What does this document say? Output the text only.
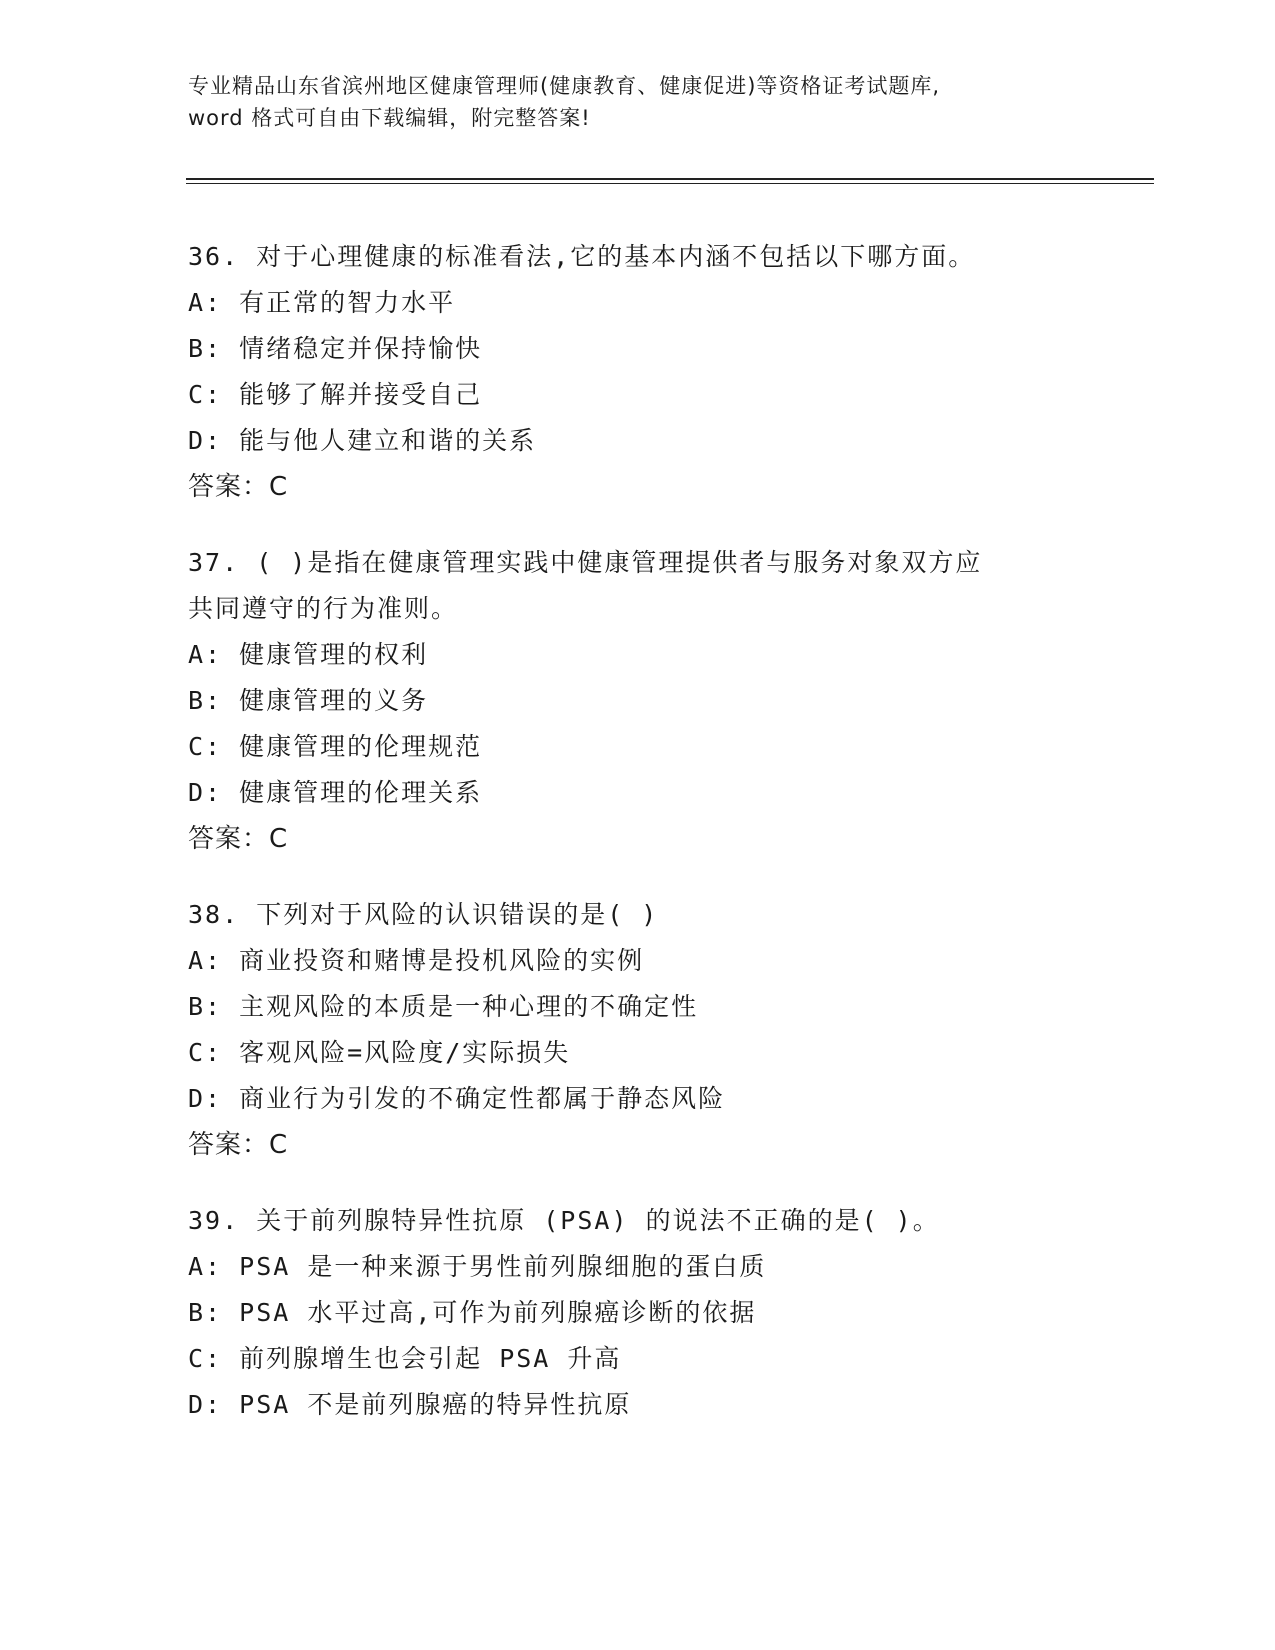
专业精品山东省滨州地区健康管理师(健康教育、健康促进)等资格证考试题库,
word 格式可自由下载编辑，附完整答案!
36. 对于心理健康的标准看法,它的基本内涵不包括以下哪方面。
A: 有正常的智力水平
B: 情绪稳定并保持愉快
C: 能够了解并接受自己
D: 能与他人建立和谐的关系
答案：C
37. ( )是指在健康管理实践中健康管理提供者与服务对象双方应
共同遵守的行为准则。
A: 健康管理的权利
B: 健康管理的义务
C: 健康管理的伦理规范
D: 健康管理的伦理关系
答案：C
38. 下列对于风险的认识错误的是( )
A: 商业投资和赌博是投机风险的实例
B: 主观风险的本质是一种心理的不确定性
C: 客观风险=风险度/实际损失
D: 商业行为引发的不确定性都属于静态风险
答案：C
39. 关于前列腺特异性抗原 (PSA) 的说法不正确的是( )。
A: PSA 是一种来源于男性前列腺细胞的蛋白质
B: PSA 水平过高,可作为前列腺癌诊断的依据
C: 前列腺增生也会引起 PSA 升高
D: PSA 不是前列腺癌的特异性抗原
